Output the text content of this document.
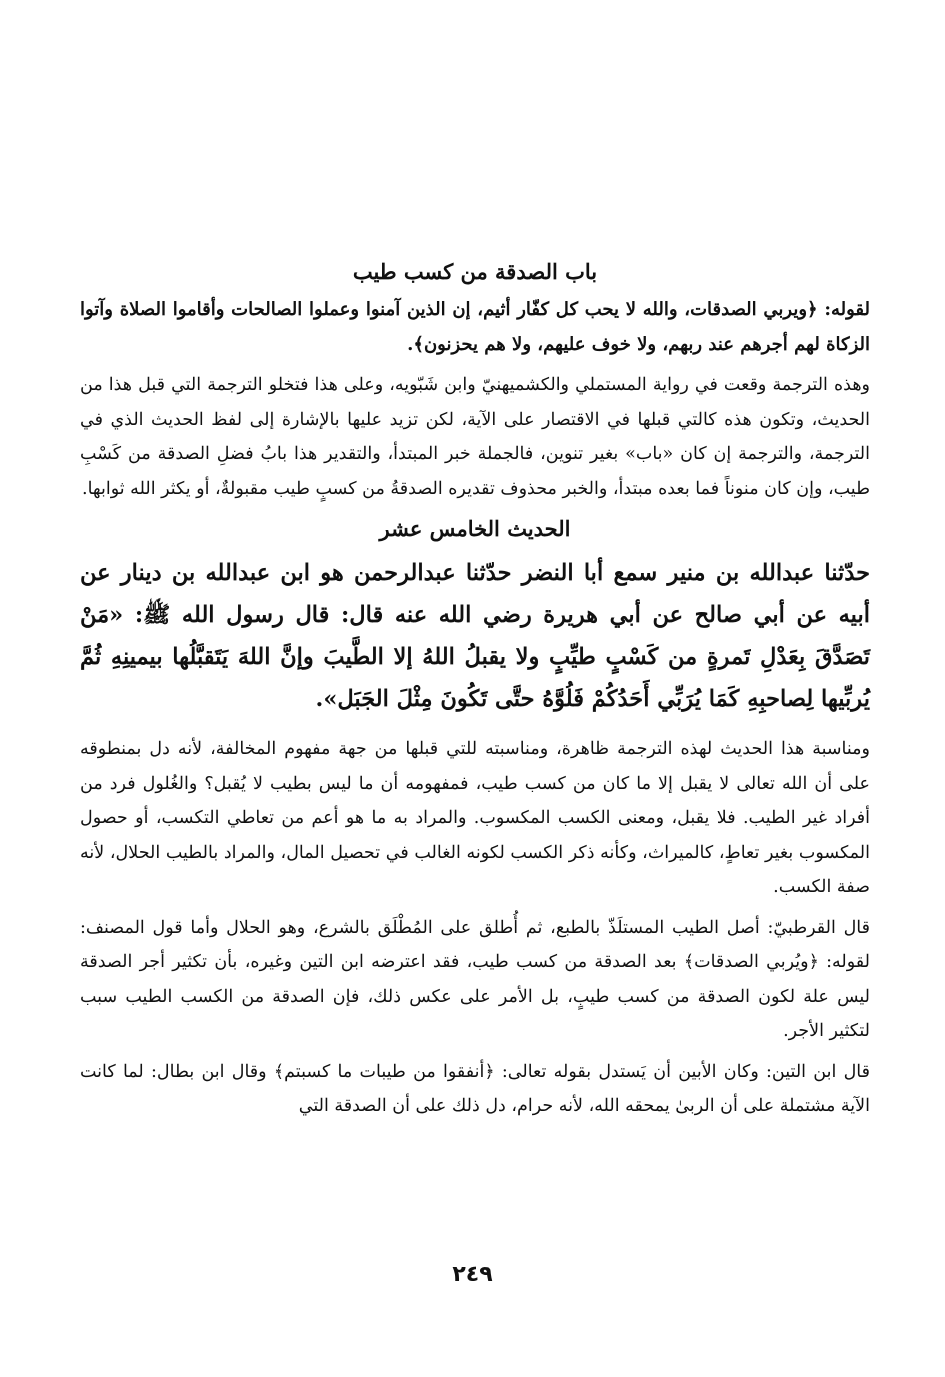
باب الصدقة من كسب طيب

لقوله: ﴿ويربي الصدقات، والله لا يحب كل كفّار أثيم، إن الذين آمنوا وعملوا الصالحات وأقاموا الصلاة وآتوا الزكاة لهم أجرهم عند ربهم، ولا خوف عليهم، ولا هم يحزنون﴾.

وهذه الترجمة وقعت في رواية المستملي والكشميهنيّ وابن شَبّويه، وعلى هذا فتخلو الترجمة التي قبل هذا من الحديث، وتكون هذه كالتي قبلها في الاقتصار على الآية، لكن تزيد عليها بالإشارة إلى لفظ الحديث الذي في الترجمة، والترجمة إن كان «باب» بغير تنوين، فالجملة خبر المبتدأ، والتقدير هذا بابُ فضلِ الصدقة من كَسْبِ طيب، وإن كان منوناً فما بعده مبتدأ، والخبر محذوف تقديره الصدقةُ من كسبٍ طيب مقبولةٌ، أو يكثر الله ثوابها.

الحديث الخامس عشر

حدّثنا عبدالله بن منير سمع أبا النضر حدّثنا عبدالرحمن هو ابن عبدالله بن دينار عن أبيه عن أبي صالح عن أبي هريرة رضي الله عنه قال: قال رسول الله ﷺ: «مَنْ تَصَدَّقَ بِعَدْلِ تَمرةٍ من كَسْبٍ طيِّبٍ ولا يقبلُ اللهُ إلا الطَّيبَ وإنَّ اللهَ يَتَقبَّلُها بيمينِهِ ثُمَّ يُربِّيها لِصاحبِهِ كَمَا يُرَبِّي أَحَدُكُمْ فَلُوَّهُ حتَّى تَكُونَ مِثْلَ الجَبَل».

ومناسبة هذا الحديث لهذه الترجمة ظاهرة، ومناسبته للتي قبلها من جهة مفهوم المخالفة، لأنه دل بمنطوقه على أن الله تعالى لا يقبل إلا ما كان من كسب طيب، فمفهومه أن ما ليس بطيب لا يُقبل؟ والغُلول فرد من أفراد غير الطيب. فلا يقبل، ومعنى الكسب المكسوب. والمراد به ما هو أعم من تعاطي التكسب، أو حصول المكسوب بغير تعاطٍ، كالميراث، وكأنه ذكر الكسب لكونه الغالب في تحصيل المال، والمراد بالطيب الحلال، لأنه صفة الكسب.

قال القرطبيّ: أصل الطيب المستلَذّ بالطبع، ثم أُطلق على المُطْلَق بالشرع، وهو الحلال وأما قول المصنف: لقوله: ﴿ويُربي الصدقات﴾ بعد الصدقة من كسب طيب، فقد اعترضه ابن التين وغيره، بأن تكثير أجر الصدقة ليس علة لكون الصدقة من كسب طيبٍ، بل الأمر على عكس ذلك، فإن الصدقة من الكسب الطيب سبب لتكثير الأجر.

قال ابن التين: وكان الأبين أن يَستدل بقوله تعالى: ﴿أنفقوا من طيبات ما كسبتم﴾ وقال ابن بطال: لما كانت الآية مشتملة على أن الربىٰ يمحقه الله، لأنه حرام، دل ذلك على أن الصدقة التي

٢٤٩
